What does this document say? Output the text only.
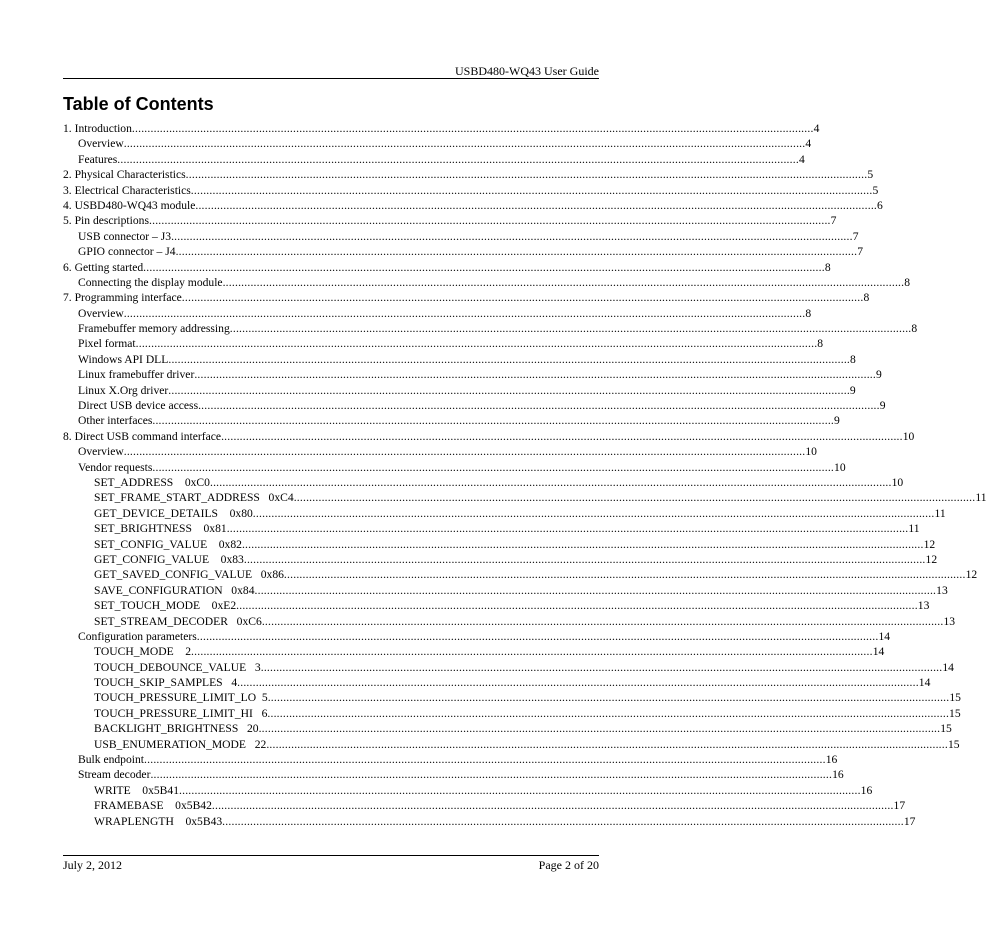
USBD480-WQ43 User Guide
Table of Contents
1. Introduction ............................................................................................................................................................................................................................ 4
Overview ............................................................................................................................................................................................................................ 4
Features ............................................................................................................................................................................................................................ 4
2. Physical Characteristics ............................................................................................................................................................................................................................ 5
3. Electrical Characteristics ............................................................................................................................................................................................................................ 5
4. USBD480-WQ43 module ............................................................................................................................................................................................................................ 6
5. Pin descriptions ............................................................................................................................................................................................................................ 7
USB connector – J3 ............................................................................................................................................................................................................................ 7
GPIO connector – J4 ............................................................................................................................................................................................................................ 7
6. Getting started ............................................................................................................................................................................................................................ 8
Connecting the display module ............................................................................................................................................................................................................................ 8
7. Programming interface ............................................................................................................................................................................................................................ 8
Overview ............................................................................................................................................................................................................................ 8
Framebuffer memory addressing ............................................................................................................................................................................................................................ 8
Pixel format ............................................................................................................................................................................................................................ 8
Windows API DLL ............................................................................................................................................................................................................................ 8
Linux framebuffer driver ............................................................................................................................................................................................................................ 9
Linux X.Org driver ............................................................................................................................................................................................................................ 9
Direct USB device access ............................................................................................................................................................................................................................ 9
Other interfaces ............................................................................................................................................................................................................................ 9
8. Direct USB command interface ............................................................................................................................................................................................................................ 10
Overview ............................................................................................................................................................................................................................ 10
Vendor requests ............................................................................................................................................................................................................................ 10
SET_ADDRESS    0xC0 ............................................................................................................................................................................................................................ 10
SET_FRAME_START_ADDRESS   0xC4 ............................................................................................................................................................................................................................ 11
GET_DEVICE_DETAILS    0x80 ............................................................................................................................................................................................................................ 11
SET_BRIGHTNESS    0x81 ............................................................................................................................................................................................................................ 11
SET_CONFIG_VALUE    0x82 ............................................................................................................................................................................................................................ 12
GET_CONFIG_VALUE    0x83 ............................................................................................................................................................................................................................ 12
GET_SAVED_CONFIG_VALUE   0x86 ............................................................................................................................................................................................................................ 12
SAVE_CONFIGURATION   0x84 ............................................................................................................................................................................................................................ 13
SET_TOUCH_MODE    0xE2 ............................................................................................................................................................................................................................ 13
SET_STREAM_DECODER   0xC6 ............................................................................................................................................................................................................................ 13
Configuration parameters ............................................................................................................................................................................................................................ 14
TOUCH_MODE    2 ............................................................................................................................................................................................................................ 14
TOUCH_DEBOUNCE_VALUE   3 ............................................................................................................................................................................................................................ 14
TOUCH_SKIP_SAMPLES   4 ............................................................................................................................................................................................................................ 14
TOUCH_PRESSURE_LIMIT_LO  5 ............................................................................................................................................................................................................................ 15
TOUCH_PRESSURE_LIMIT_HI   6 ............................................................................................................................................................................................................................ 15
BACKLIGHT_BRIGHTNESS   20 ............................................................................................................................................................................................................................ 15
USB_ENUMERATION_MODE   22 ............................................................................................................................................................................................................................ 15
Bulk endpoint ............................................................................................................................................................................................................................ 16
Stream decoder ............................................................................................................................................................................................................................ 16
WRITE    0x5B41 ............................................................................................................................................................................................................................ 16
FRAMEBASE    0x5B42 ............................................................................................................................................................................................................................ 17
WRAPLENGTH    0x5B43 ............................................................................................................................................................................................................................ 17
July 2, 2012	Page 2 of 20
